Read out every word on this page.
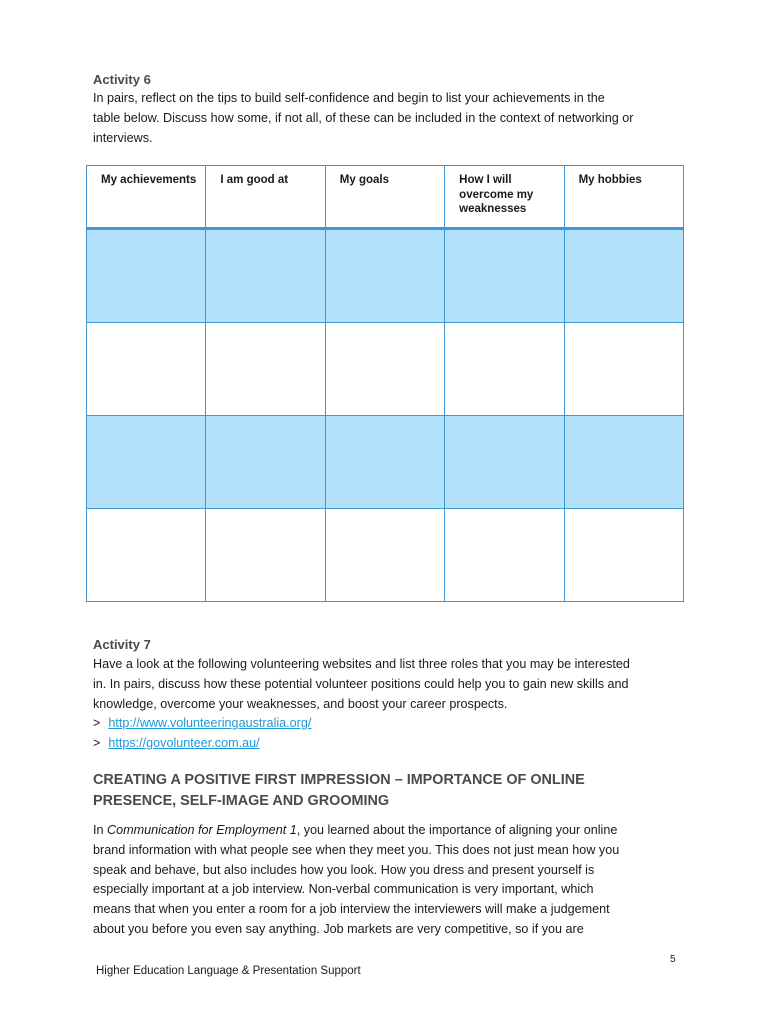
Activity 6
In pairs, reflect on the tips to build self-confidence and begin to list your achievements in the
table below. Discuss how some, if not all, of these can be included in the context of networking or
interviews.
My achievements	I am good at	My goals	How I will overcome my weaknesses	My hobbies

Activity 7
Have a look at the following volunteering websites and list three roles that you may be interested
in. In pairs, discuss how these potential volunteer positions could help you to gain new skills and
knowledge, overcome your weaknesses, and boost your career prospects.
> http://www.volunteeringaustralia.org/
> https://govolunteer.com.au/
CREATING A POSITIVE FIRST IMPRESSION – IMPORTANCE OF ONLINE
PRESENCE, SELF-IMAGE AND GROOMING
In Communication for Employment 1, you learned about the importance of aligning your online
brand information with what people see when they meet you. This does not just mean how you
speak and behave, but also includes how you look. How you dress and present yourself is
especially important at a job interview. Non-verbal communication is very important, which
means that when you enter a room for a job interview the interviewers will make a judgement
about you before you even say anything. Job markets are very competitive, so if you are
5
Higher Education Language & Presentation Support
